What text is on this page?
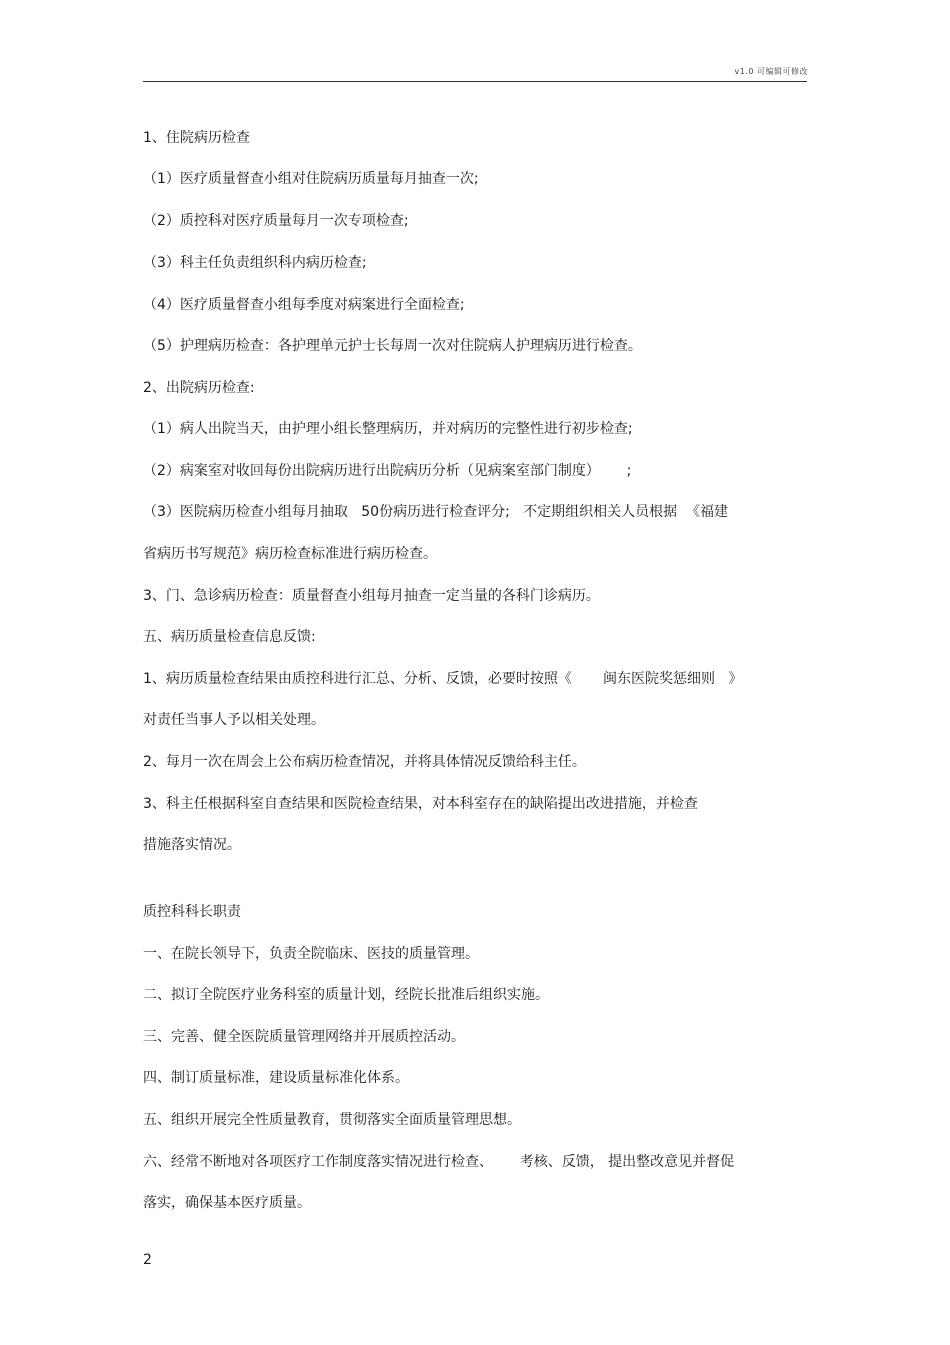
v1.0 可编辑可修改
1、住院病历检查
（1）医疗质量督查小组对住院病历质量每月抽查一次;
（2）质控科对医疗质量每月一次专项检查;
（3）科主任负责组织科内病历检查;
（4）医疗质量督查小组每季度对病案进行全面检查;
（5）护理病历检查：各护理单元护士长每周一次对住院病人护理病历进行检查。
2、出院病历检查:
（1）病人出院当天，由护理小组长整理病历，并对病历的完整性进行初步检查;
（2）病案室对收回每份出院病历进行出院病历分析（见病案室部门制度）      ;
（3）医院病历检查小组每月抽取   50份病历进行检查评分;   不定期组织相关人员根据  《福建
省病历书写规范》病历检查标准进行病历检查。
3、门、急诊病历检查：质量督查小组每月抽查一定当量的各科门诊病历。
五、病历质量检查信息反馈:
1、病历质量检查结果由质控科进行汇总、分析、反馈，必要时按照《       闽东医院奖惩细则   》
对责任当事人予以相关处理。
2、每月一次在周会上公布病历检查情况，并将具体情况反馈给科主任。
3、科主任根据科室自查结果和医院检查结果，对本科室存在的缺陷提出改进措施，并检查
措施落实情况。
质控科科长职责
一、在院长领导下，负责全院临床、医技的质量管理。
二、拟订全院医疗业务科室的质量计划，经院长批准后组织实施。
三、完善、健全医院质量管理网络并开展质控活动。
四、制订质量标准，建设质量标准化体系。
五、组织开展完全性质量教育，贯彻落实全面质量管理思想。
六、经常不断地对各项医疗工作制度落实情况进行检查、      考核、反馈， 提出整改意见并督促
落实，确保基本医疗质量。
2
